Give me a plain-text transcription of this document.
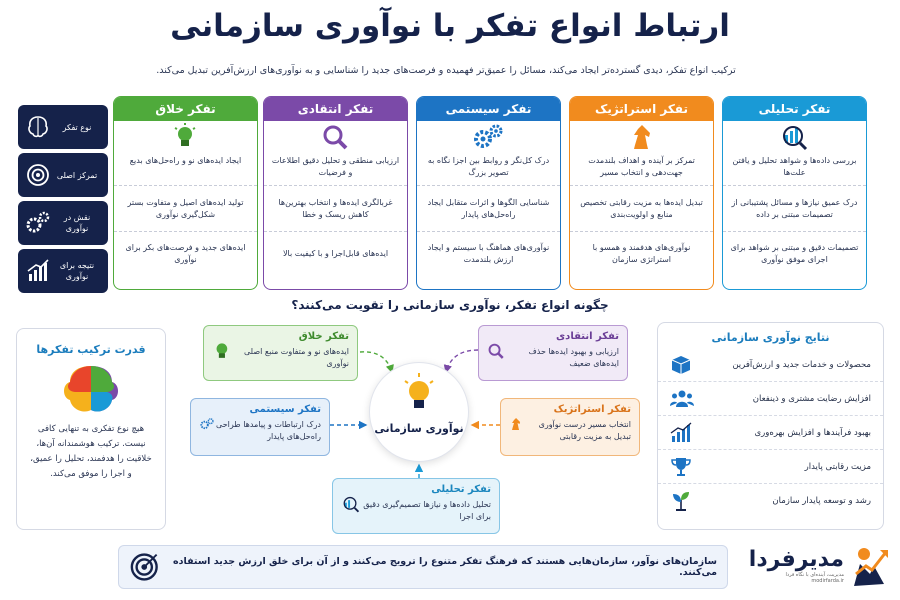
ارتباط انواع تفکر با نوآوری سازمانی
ترکیب انواع تفکر، دیدی گسترده‌تر ایجاد می‌کند، مسائل را عمیق‌تر فهمیده و فرصت‌های جدید را شناسایی و به نوآوری‌های ارزش‌آفرین تبدیل می‌کند.
تفکر تحلیلی
بررسی داده‌ها و شواهد تحلیل و یافتن علت‌ها
درک عمیق نیازها و مسائل پشتیبانی از تصمیمات مبتنی بر داده
تصمیمات دقیق و مبتنی بر شواهد برای اجرای موفق نوآوری
تفکر استراتژیک
تمرکز بر آینده و اهداف بلندمدت جهت‌دهی و انتخاب مسیر
تبدیل ایده‌ها به مزیت رقابتی تخصیص منابع و اولویت‌بندی
نوآوری‌های هدفمند و همسو با استراتژی سازمان
تفکر سیستمی
درک کل‌نگر و روابط بین اجزا نگاه به تصویر بزرگ
شناسایی الگوها و اثرات متقابل ایجاد راه‌حل‌های پایدار
نوآوری‌های هماهنگ با سیستم و ایجاد ارزش بلندمدت
تفکر انتقادی
ارزیابی منطقی و تحلیل دقیق اطلاعات و فرضیات
غربالگری ایده‌ها و انتخاب بهترین‌ها کاهش ریسک و خطا
ایده‌های قابل‌اجرا و با کیفیت بالا
تفکر خلاق
ایجاد ایده‌های نو و راه‌حل‌های بدیع
تولید ایده‌های اصیل و متفاوت بستر شکل‌گیری نوآوری
ایده‌های جدید و فرصت‌های بکر برای نوآوری
نوع تفکر
تمرکز اصلی
نقش در نوآوری
نتیجه برای نوآوری
چگونه انواع تفکر، نوآوری سازمانی را تقویت می‌کنند؟
قدرت ترکیب تفکرها
هیچ نوع تفکری به تنهایی کافی نیست. ترکیب هوشمندانه آن‌ها، خلاقیت را هدفمند، تحلیل را عمیق، و اجرا را موفق می‌کند.
تفکر خلاق
ایده‌های نو و متفاوت منبع اصلی نوآوری
تفکر انتقادی
ارزیابی و بهبود ایده‌ها حذف ایده‌های ضعیف
تفکر سیستمی
درک ارتباطات و پیامدها طراحی راه‌حل‌های پایدار
تفکر استراتژیک
انتخاب مسیر درست نوآوری تبدیل به مزیت رقابتی
تفکر تحلیلی
تحلیل داده‌ها و نیازها تصمیم‌گیری دقیق برای اجرا
نوآوری سازمانی
نتایج نوآوری سازمانی
محصولات و خدمات جدید و ارزش‌آفرین
افزایش رضایت مشتری و ذینفعان
بهبود فرآیندها و افزایش بهره‌وری
مزیت رقابتی پایدار
رشد و توسعه پایدار سازمان
سازمان‌های نوآور، سازمان‌هایی هستند که فرهنگ تفکر متنوع را ترویج می‌کنند و از آن برای خلق ارزش جدید استفاده می‌کنند.
مدیرفردا
مدیریت، آینده‌ای با نگاه فردا
modirfarda.ir
